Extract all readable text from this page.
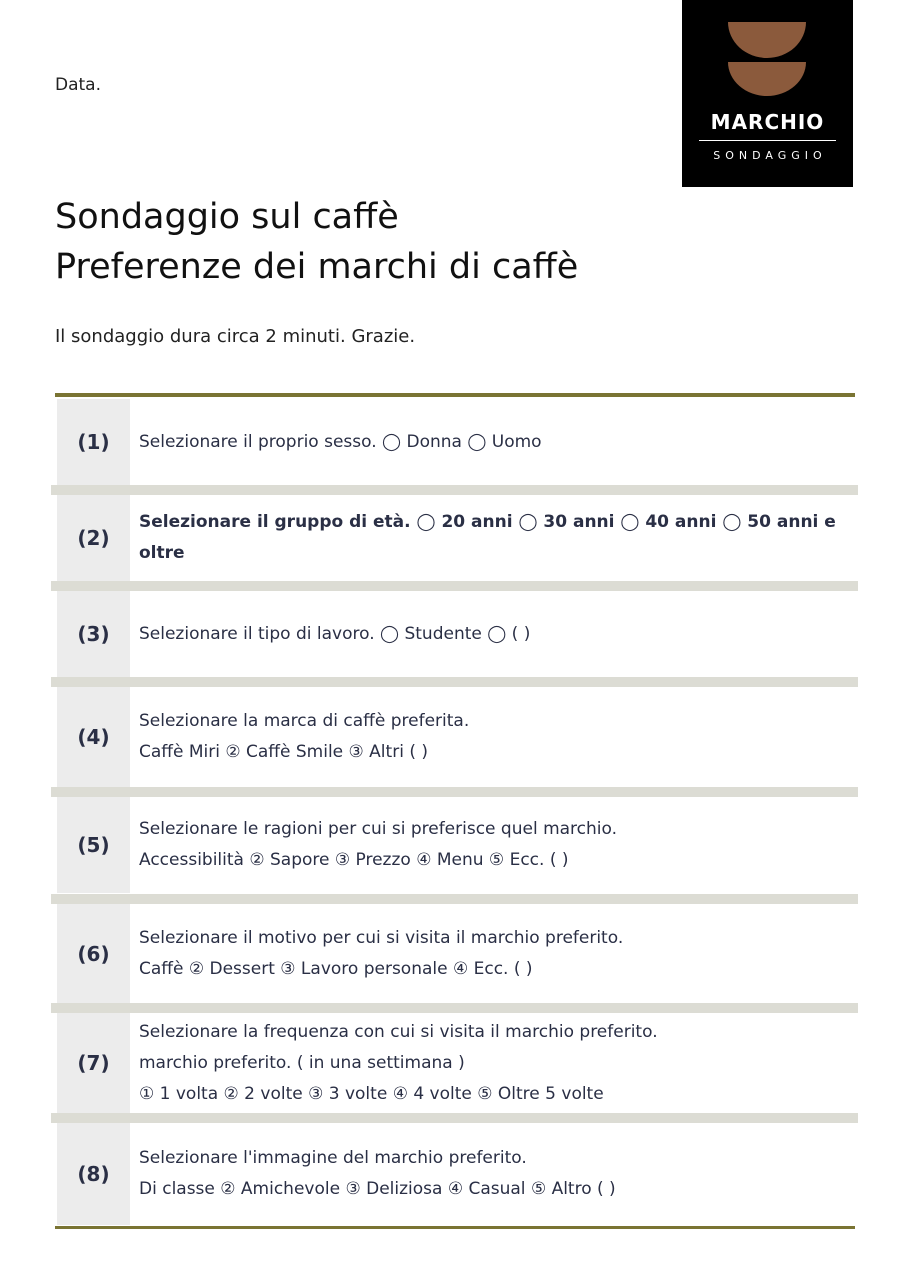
Data.
MARCHIO
SONDAGGIO
Sondaggio sul caffè
Preferenze dei marchi di caffè
Il sondaggio dura circa 2 minuti. Grazie.
(1)	Selezionare il proprio sesso. ◯ Donna ◯ Uomo
(2)
Selezionare il gruppo di età. ◯ 20 anni ◯ 30 anni ◯ 40 anni ◯ 50 anni e oltre
(3)	Selezionare il tipo di lavoro. ◯ Studente ◯ ( )
(4)
Selezionare la marca di caffè preferita.
Caffè Miri ② Caffè Smile ③ Altri ( )
(5)
Selezionare le ragioni per cui si preferisce quel marchio.
Accessibilità ② Sapore ③ Prezzo ④ Menu ⑤ Ecc. ( )
(6)
Selezionare il motivo per cui si visita il marchio preferito.
Caffè ② Dessert ③ Lavoro personale ④ Ecc. ( )
(7)
Selezionare la frequenza con cui si visita il marchio preferito.
marchio preferito. ( in una settimana )
① 1 volta ② 2 volte ③ 3 volte ④ 4 volte ⑤ Oltre 5 volte
(8)
Selezionare l'immagine del marchio preferito.
Di classe ② Amichevole ③ Deliziosa ④ Casual ⑤ Altro ( )
